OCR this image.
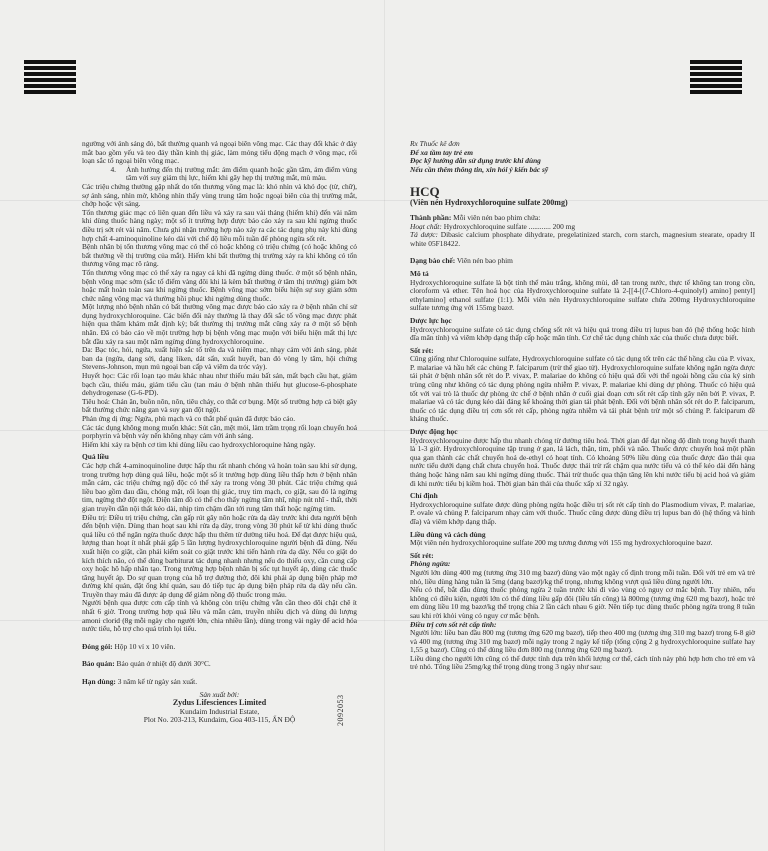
2092053

ngường với ánh sáng đỏ, bất thường quanh vả ngoại biên võng mạc. Các thay đổi khác ở đáy mắt bao gồm yếu và teo đáy thần kinh thị giác, làm mỏng tiểu động mạch ở võng mạc, rối loạn sắc tố ngoại biên võng mạc.

4.	Ảnh hưởng đến thị trường mắt: ám điểm quanh hoặc gần tâm, ám điểm vùng tâm với suy giảm thị lực, hiếm khi gây hẹp thị trường mắt, mù màu.

Các triệu chứng thường gặp nhất do tổn thương võng mạc là: khó nhìn và khó đọc (từ, chữ), sợ ánh sáng, nhìn mờ, không nhìn thấy vùng trung tâm hoặc ngoại biên của thị trường mắt, chớp hoặc vệt sáng.

Tổn thương giác mạc có liên quan đến liều và xảy ra sau vài tháng (hiếm khi) đến vài năm khi dùng thuốc hàng ngày; một số ít trường hợp được báo cáo xảy ra sau khi ngừng thuốc điều trị sớt rét vài năm. Chưa ghi nhận trường hợp nào xảy ra các tác dụng phụ này khi dùng hợp chất 4-aminoquinoline kéo dài với chế độ liều mỗi tuần để phòng ngừa sốt rét.

Bệnh nhân bị tổn thương võng mạc có thể có hoặc không có triệu chứng (có hoặc không có bất thường về thị trường của mắt). Hiếm khi bất thường thị trường xảy ra khi không có tổn thương võng mạc rõ ràng.

Tổn thương võng mạc có thể xảy ra ngay cả khi đã ngừng dùng thuốc. ở một số bệnh nhân, bệnh võng mạc sớm (sắc tố điểm vàng đôi khi là kèm bất thường ở tâm thị trường) giảm bớt hoặc mất hoàn toàn sau khi ngừng thuốc. Bệnh võng mạc sớm biểu hiện sự suy giảm sớm chức năng võng mạc và thường hồi phục khi ngừng dùng thuốc.

Một lượng nhỏ bệnh nhân có bất thường võng mạc được báo cáo xảy ra ở bệnh nhân chỉ sử dụng hydroxychloroquine. Các biến đổi này thường là thay đổi sắc tố võng mạc được phát hiện qua thăm khám mắt định kỳ; bất thường thị trường mắt cũng xảy ra ở một số bệnh nhân. Đã có báo cáo về một trường hợp bị bệnh võng mạc muộn với biểu hiện mất thị lực bắt đầu xảy ra sau một năm ngừng dùng hydroxychloroquine.

Da: Bạc tóc, hói, ngứa, xuất hiện sắc tố trên da và niêm mạc, nhạy cảm với ánh sáng, phát ban da (ngứa, dạng sởi, dạng liken, dát sẩn, xuất huyết, ban đỏ vòng ly tâm, hội chứng Stevens-Johnson, mụn mủ ngoại ban cấp và viêm da tróc vảy).

Huyết học: Các rối loạn tạo máu khác nhau như thiếu máu bất sản, mất bạch cầu hạt, giảm bạch cầu, thiếu máu, giảm tiểu cầu (tan máu ở bệnh nhân thiếu hụt glucose-6-phosphate dehydrogenase (G-6-PD).

Tiêu hoá: Chán ăn, buồn nôn, nôn, tiêu chảy, co thắt cơ bụng. Một số trường hợp cá biệt gây bất thường chức năng gan và suy gan đột ngột.

Phản ứng dị ứng: Ngứa, phù mạch và co thắt phế quản đã được báo cáo.

Các tác dụng không mong muốn khác: Sút cân, mệt mỏi, làm trầm trọng rối loạn chuyển hoá porphyrin và bệnh vảy nến không nhạy cảm với ánh sáng.

Hiếm khi xảy ra bệnh cơ tim khi dùng liều cao hydroxychloroquine hàng ngày.

Quá liều

Các hợp chất 4-aminoquinoline được hấp thu rất nhanh chóng và hoàn toàn sau khi sử dụng, trong trường hợp dùng quá liều, hoặc một số ít trường hợp dùng liều thấp hơn ở bệnh nhân mẫn cảm, các triệu chứng ngộ độc có thể xảy ra trong vòng 30 phút. Các triệu chứng quá liều bao gồm đau đầu, chóng mặt, rối loạn thị giác, truỵ tim mạch, co giật, sau đó là ngừng tim, ngừng thở đột ngột. Điện tâm đồ có thể cho thấy ngừng tâm nhĩ, nhịp nút nhĩ - thất, thời gian truyền dẫn nội thất kéo dài, nhịp tim chậm dần tới rung tâm thất hoặc ngừng tim.

Điều trị: Điều trị triệu chứng, cần gấp rút gây nôn hoặc rửa dạ dày trước khi đưa người bệnh đến bệnh viện. Dùng than hoạt sau khi rửa dạ dày, trong vòng 30 phút kể từ khi dùng thuốc quá liều có thể ngăn ngừa thuốc được hấp thu thêm từ đường tiêu hoá. Để đạt được hiệu quả, lượng than hoạt ít nhất phải gấp 5 lần lượng hydroxychloroquine người bệnh đã dùng. Nếu xuất hiện co giật, cần phải kiểm soát co giật trước khi tiến hành rửa dạ dày. Nếu co giật do kích thích não, có thể dùng barbiturat tác dụng nhanh nhưng nếu do thiếu oxy, cần cung cấp oxy hoặc hô hấp nhân tạo. Trong trường hợp bệnh nhân bị sốc tụt huyết áp, dùng các thuốc tăng huyết áp. Do sự quan trọng của hỗ trợ đường thở, đôi khi phải áp dụng biện pháp mở đường khí quản, đặt ống khí quản, sau đó tiếp tục áp dụng biện pháp rửa dạ dày nếu cần. Truyền thay máu đã được áp dụng để giảm nồng độ thuốc trong máu.

Người bệnh qua được cơn cấp tính và không còn triệu chứng vẫn cần theo dõi chặt chẽ ít nhất 6 giờ. Trong trường hợp quá liều và mẫn cảm, truyền nhiều dịch và dùng đủ lượng amoni clorid (8g mỗi ngày cho người lớn, chia nhiều lần), dùng trong vài ngày để acid hóa nước tiểu, hỗ trợ cho quá trình lọi tiểu.

Đóng gói: Hộp 10 vỉ x 10 viên.

Bảo quản: Bảo quản ở nhiệt độ dưới 30°C.

Hạn dùng: 3 năm kể từ ngày sản xuất.

Sản xuất bởi:

Zydus Lifesciences Limited

Kundaim Industrial Estate,

Plot No. 203-213, Kundaim, Goa 403-115, ẤN ĐỘ

Rx Thuốc kê đơn

Để xa tầm tay trẻ em

Đọc kỹ hướng dẫn sử dụng trước khi dùng

Nếu cần thêm thông tin, xin hỏi ý kiến bác sỹ

HCQ

(Viên nén Hydroxychloroquine sulfate 200mg)

Thành phần: Mỗi viên nén bao phim chứa:

Hoạt chất: Hydroxychloroquine sulfate ............ 200 mg

Tá dược: Dibasic calcium phosphate dihydrate, pregelatinized starch, corn starch, magnesium stearate, opadry II white 05F18422.

Dạng bào chế: Viên nén bao phim

Mô tả

Hydroxychloroquine sulfate là bột tinh thể màu trắng, không mùi, dễ tan trong nước, thực tế không tan trong cồn, cloroform và ether. Tên hoá học của Hydroxychloroquine sulfate là 2-[[4-[(7-Chloro-4-quinolyl) amino] pentyl] ethylamino] ethanol sulfate (1:1). Mỗi viên nén Hydroxychloroquine sulfate chứa 200mg Hydroxychloroquine sulfate tương ứng với 155mg bazơ.

Dược lực học

Hydroxychloroquine sulfate có tác dụng chống sốt rét và hiệu quả trong điều trị lupus ban đỏ (hệ thống hoặc hình đĩa mãn tính) và viêm khớp dạng thấp cấp hoặc mãn tính. Cơ chế tác dụng chính xác của thuốc chưa được biết.

Sốt rét:

Cũng giống như Chloroquine sulfate, Hydroxychloroquine sulfate có tác dụng tốt trên các thể hồng cầu của P. vivax, P. malariae và hầu hết các chủng P. falciparum (trừ thể giao tử). Hydroxychloroquine sulfate không ngăn ngừa được tái phát ở bệnh nhân sốt rét do P. vivax, P. malariae do không có hiệu quả đối với thể ngoài hồng cầu của ký sinh trùng cũng như không có tác dụng phòng ngừa nhiễm P. vivax, P. malariae khi dùng dự phòng. Thuốc có hiệu quả tốt với vai trò là thuốc dự phòng ức chế ở bệnh nhân ở cuối giai đoạn cơn sốt rét cấp tính gây nên bởi P. vivax, P. malariae và có tác dụng kéo dài đáng kể khoảng thời gian tái phát bệnh. Đối với bệnh nhân sốt rét do P. falciparum, thuốc có tác dụng điều trị cơn sốt rét cấp, phòng ngừa nhiễm và tái phát bệnh trừ một số chủng P. falciparum đề kháng thuốc.

Dược động học

Hydroxychloroquine được hấp thu nhanh chóng từ đường tiêu hoá. Thời gian để đạt nồng độ đỉnh trong huyết thanh là 1-3 giờ. Hydroxychloroquine tập trung ở gan, lá lách, thận, tim, phổi và não. Thuốc được chuyển hoá một phần qua gan thành các chất chuyển hoá de-ethyl có hoạt tính. Có khoảng 50% liều dùng của thuốc được đào thải qua nước tiểu dưới dạng chất chưa chuyển hoá. Thuốc được thải trừ rất chậm qua nước tiểu và có thể kéo dài đến hàng tháng hoặc hàng năm sau khi ngừng dùng thuốc. Thải trừ thuốc qua thận tăng lên khi nước tiểu bị acid hoá và giảm đi khi nước tiểu bị kiềm hoá. Thời gian bán thải của thuốc xấp xỉ 32 ngày.

Chỉ định

Hydroxychloroquine sulfate được dùng phòng ngừa hoặc điều trị sốt rét cấp tính do Plasmodium vivax, P. malariae, P. ovale và chủng P. falciparum nhạy cảm với thuốc. Thuốc cũng được dùng điều trị lupus ban đỏ (hệ thống và hình đĩa) và viêm khớp dạng thấp.

Liều dùng và cách dùng

Một viên nén hydroxychloroquine sulfate 200 mg tương đương với 155 mg hydroxychloroquine bazơ.

Sốt rét:

Phòng ngừa:

Người lớn dùng 400 mg (tương ứng 310 mg bazơ) dùng vào một ngày cố định trong mỗi tuần. Đối với trẻ em và trẻ nhỏ, liều dùng hàng tuần là 5mg (dạng bazơ)/kg thể trọng, nhưng không vượt quá liều dùng người lớn.

Nếu có thể, bắt đầu dùng thuốc phòng ngừa 2 tuần trước khi đi vào vùng có nguy cơ mắc bệnh. Tuy nhiên, nếu không có điều kiện, người lớn có thể dùng liều gấp đôi (liều tấn công) là 800mg (tương ứng 620 mg bazơ), hoặc trẻ em dùng liều 10 mg bazơ/kg thể trọng chia 2 lần cách nhau 6 giờ. Nên tiếp tục dùng thuốc phòng ngừa trong 8 tuần sau khi rời khỏi vùng có nguy cơ mắc bệnh.

Điều trị cơn sốt rét cấp tính:

Người lớn: liều ban đầu 800 mg (tương ứng 620 mg bazơ), tiếp theo 400 mg (tương ứng 310 mg bazơ) trong 6-8 giờ và 400 mg (tương ứng 310 mg bazơ) mỗi ngày trong 2 ngày kế tiếp (tổng cộng 2 g hydroxychloroquine sulfate hay 1,55 g bazơ). Cũng có thể dùng liều đơn 800 mg (tương ứng 620 mg bazơ).

Liều dùng cho người lớn cũng có thể được tính dựa trên khối lượng cơ thể, cách tính này phù hợp hơn cho trẻ em và trẻ nhỏ. Tổng liều 25mg/kg thể trọng dùng trong 3 ngày như sau:
